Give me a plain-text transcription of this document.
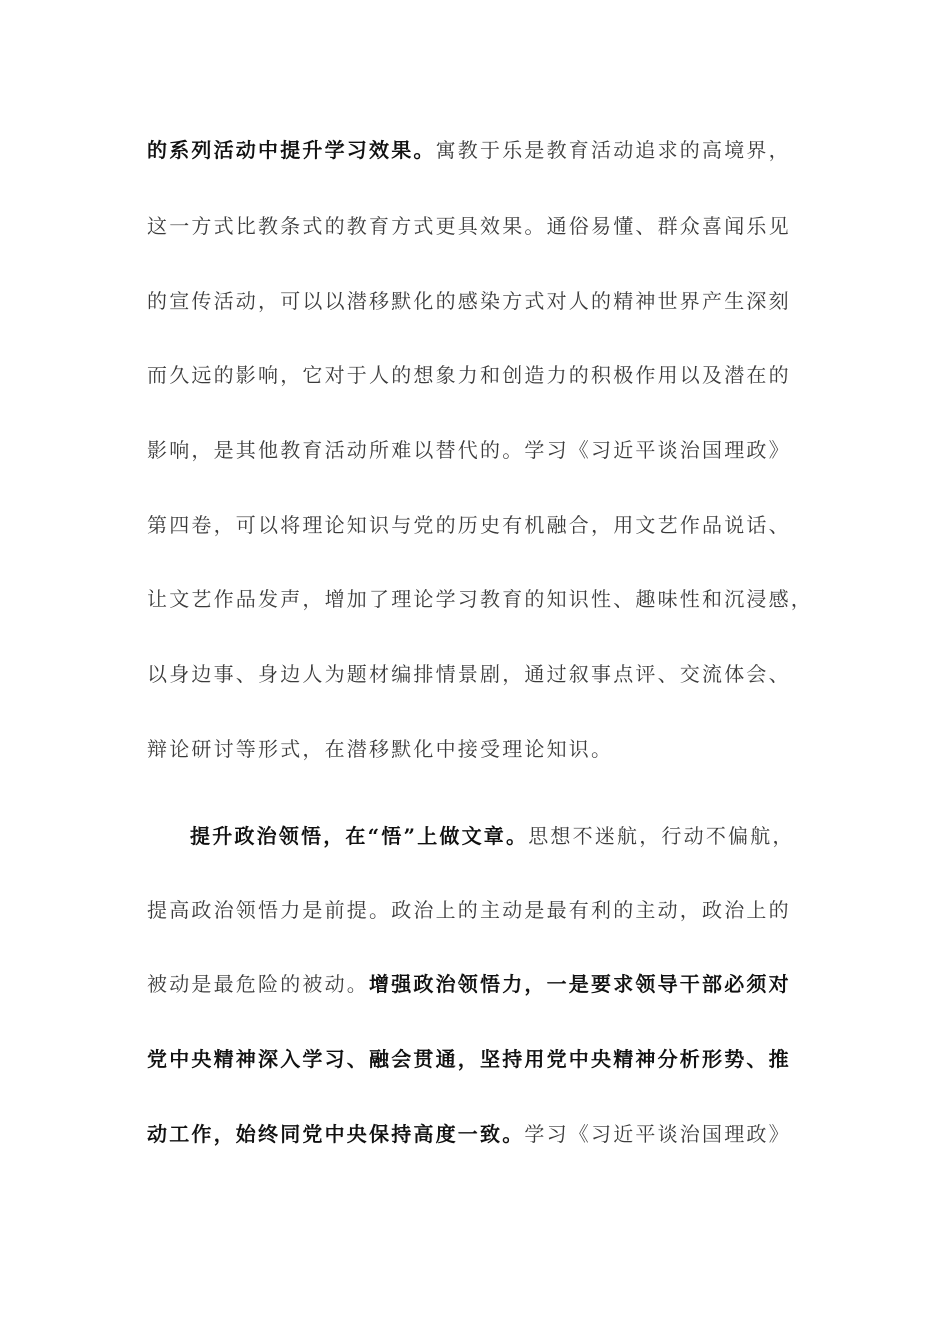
的系列活动中提升学习效果。寓教于乐是教育活动追求的高境界，
这一方式比教条式的教育方式更具效果。通俗易懂、群众喜闻乐见
的宣传活动，可以以潜移默化的感染方式对人的精神世界产生深刻
而久远的影响，它对于人的想象力和创造力的积极作用以及潜在的
影响，是其他教育活动所难以替代的。学习《习近平谈治国理政》
第四卷，可以将理论知识与党的历史有机融合，用文艺作品说话、
让文艺作品发声，增加了理论学习教育的知识性、趣味性和沉浸感，
以身边事、身边人为题材编排情景剧，通过叙事点评、交流体会、
辩论研讨等形式，在潜移默化中接受理论知识。
提升政治领悟，在“悟”上做文章。思想不迷航，行动不偏航，
提高政治领悟力是前提。政治上的主动是最有利的主动，政治上的
被动是最危险的被动。增强政治领悟力，一是要求领导干部必须对
党中央精神深入学习、融会贯通，坚持用党中央精神分析形势、推
动工作，始终同党中央保持高度一致。学习《习近平谈治国理政》
